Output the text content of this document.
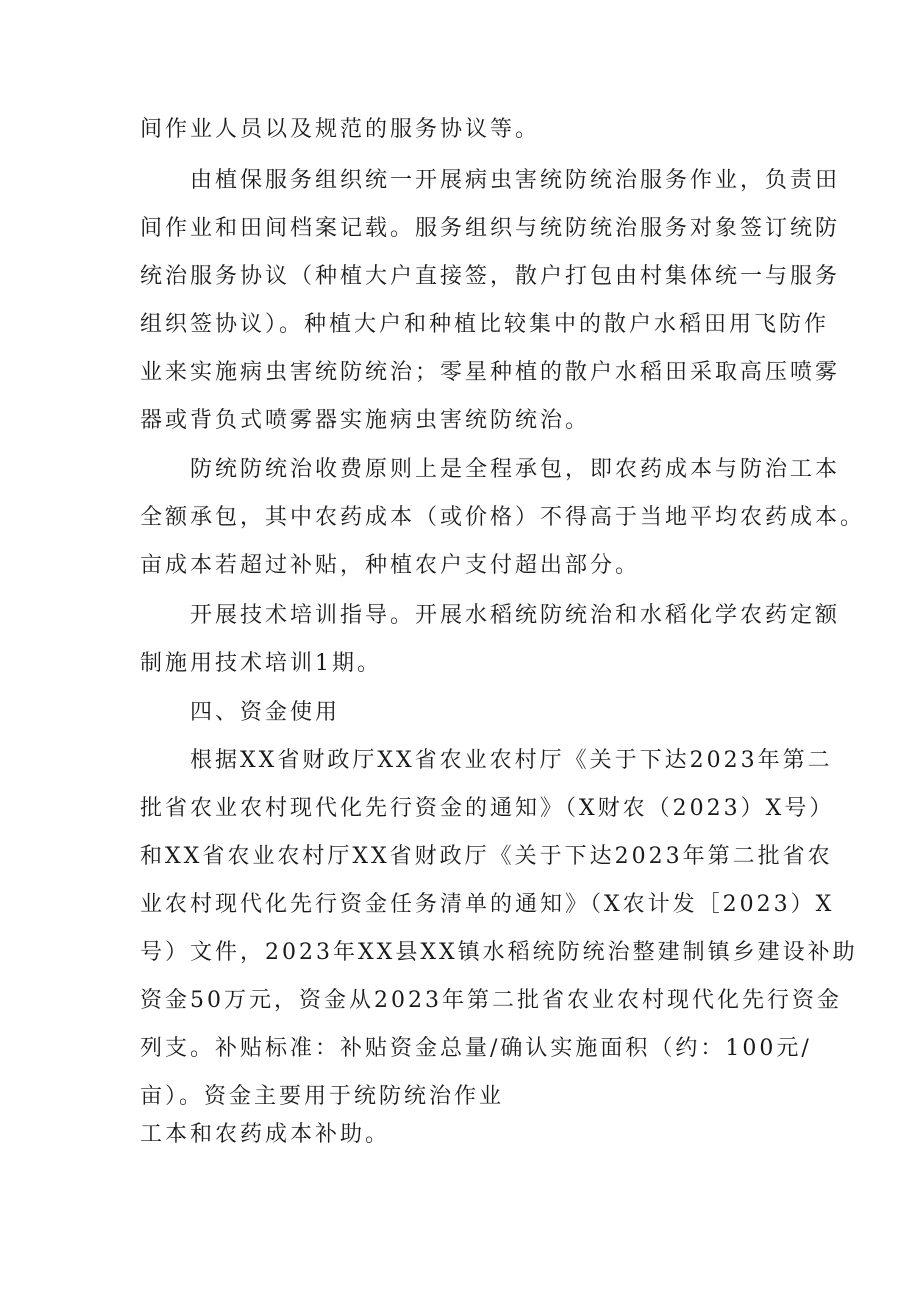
间作业人员以及规范的服务协议等。
由植保服务组织统一开展病虫害统防统治服务作业，负责田
间作业和田间档案记载。服务组织与统防统治服务对象签订统防
统治服务协议（种植大户直接签，散户打包由村集体统一与服务
组织签协议）。种植大户和种植比较集中的散户水稻田用飞防作
业来实施病虫害统防统治；零星种植的散户水稻田采取高压喷雾
器或背负式喷雾器实施病虫害统防统治。
防统防统治收费原则上是全程承包，即农药成本与防治工本
全额承包，其中农药成本（或价格）不得高于当地平均农药成本。
亩成本若超过补贴，种植农户支付超出部分。
开展技术培训指导。开展水稻统防统治和水稻化学农药定额
制施用技术培训1期。
四、资金使用
根据XX省财政厅XX省农业农村厅《关于下达2023年第二
批省农业农村现代化先行资金的通知》（X财农（2023）X号）
和XX省农业农村厅XX省财政厅《关于下达2023年第二批省农
业农村现代化先行资金任务清单的通知》（X农计发［2023）X
号）文件，2023年XX县XX镇水稻统防统治整建制镇乡建设补助
资金50万元，资金从2023年第二批省农业农村现代化先行资金
列支。补贴标准：补贴资金总量/确认实施面积（约：100元/
亩）。资金主要用于统防统治作业
工本和农药成本补助。
